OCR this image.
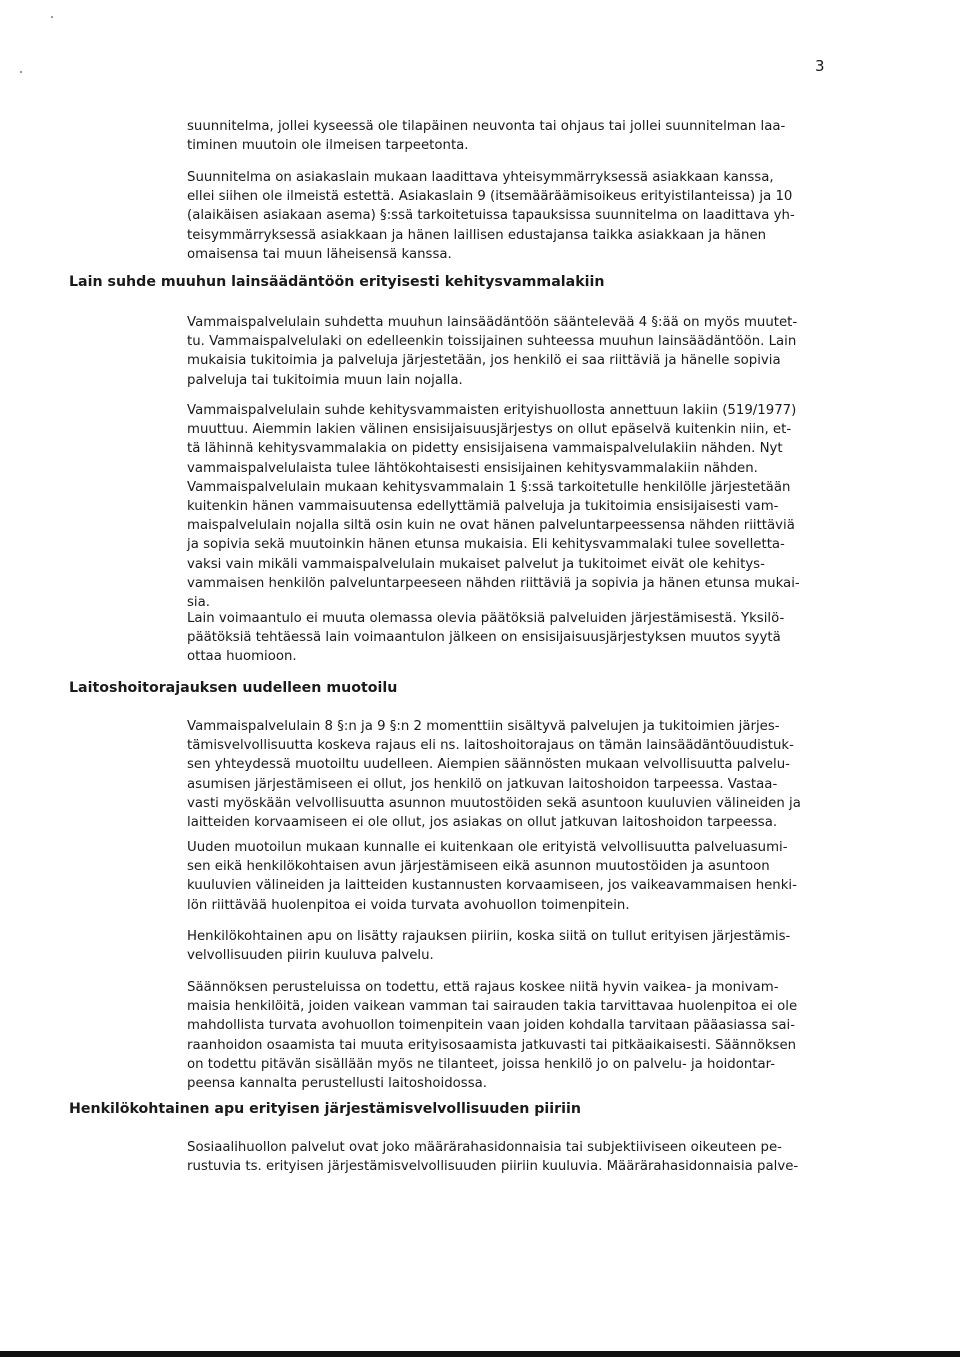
3

suunnitelma, jollei kyseessä ole tilapäinen neuvonta tai ohjaus tai jollei suunnitelman laa-
timinen muutoin ole ilmeisen tarpeetonta.

Suunnitelma on asiakaslain mukaan laadittava yhteisymmärryksessä asiakkaan kanssa,
ellei siihen ole ilmeistä estettä. Asiakaslain 9 (itsemääräämisoikeus erityistilanteissa) ja 10
(alaikäisen asiakaan asema) §:ssä tarkoitetuissa tapauksissa suunnitelma on laadittava yh-
teisymmärryksessä asiakkaan ja hänen laillisen edustajansa taikka asiakkaan ja hänen
omaisensa tai muun läheisensä kanssa.

Lain suhde muuhun lainsäädäntöön erityisesti kehitysvammalakiin

Vammaispalvelulain suhdetta muuhun lainsäädäntöön sääntelevää 4 §:ää on myös muutet-
tu. Vammaispalvelulaki on edelleenkin toissijainen suhteessa muuhun lainsäädäntöön. Lain
mukaisia tukitoimia ja palveluja järjestetään, jos henkilö ei saa riittäviä ja hänelle sopivia
palveluja tai tukitoimia muun lain nojalla.

Vammaispalvelulain suhde kehitysvammaisten erityishuollosta annettuun lakiin (519/1977)
muuttuu. Aiemmin lakien välinen ensisijaisuusjärjestys on ollut epäselvä kuitenkin niin, et-
tä lähinnä kehitysvammalakia on pidetty ensisijaisena vammaispalvelulakiin nähden. Nyt
vammaispalvelulaista tulee lähtökohtaisesti ensisijainen kehitysvammalakiin nähden.
Vammaispalvelulain mukaan kehitysvammalain 1 §:ssä tarkoitetulle henkilölle järjestetään
kuitenkin hänen vammaisuutensa edellyttämiä palveluja ja tukitoimia ensisijaisesti vam-
maispalvelulain nojalla siltä osin kuin ne ovat hänen palveluntarpeessensa nähden riittäviä
ja sopivia sekä muutoinkin hänen etunsa mukaisia. Eli kehitysvammalaki tulee sovelletta-
vaksi vain mikäli vammaispalvelulain mukaiset palvelut ja tukitoimet eivät ole kehitys-
vammaisen henkilön palveluntarpeeseen nähden riittäviä ja sopivia ja hänen etunsa mukai-
sia.

Lain voimaantulo ei muuta olemassa olevia päätöksiä palveluiden järjestämisestä. Yksilö-
päätöksiä tehtäessä lain voimaantulon jälkeen on ensisijaisuusjärjestyksen muutos syytä
ottaa huomioon.

Laitoshoitorajauksen uudelleen muotoilu

Vammaispalvelulain 8 §:n ja 9 §:n 2 momenttiin sisältyvä palvelujen ja tukitoimien järjes-
tämisvelvollisuutta koskeva rajaus eli ns. laitoshoitorajaus on tämän lainsäädäntöuudistuk-
sen yhteydessä muotoiltu uudelleen. Aiempien säännösten mukaan velvollisuutta palvelu-
asumisen järjestämiseen ei ollut, jos henkilö on jatkuvan laitoshoidon tarpeessa. Vastaa-
vasti myöskään velvollisuutta asunnon muutostöiden sekä asuntoon kuuluvien välineiden ja
laitteiden korvaamiseen ei ole ollut, jos asiakas on ollut jatkuvan laitoshoidon tarpeessa.

Uuden muotoilun mukaan kunnalle ei kuitenkaan ole erityistä velvollisuutta palveluasumi-
sen eikä henkilökohtaisen avun järjestämiseen eikä asunnon muutostöiden ja asuntoon
kuuluvien välineiden ja laitteiden kustannusten korvaamiseen, jos vaikeavammaisen henki-
lön riittävää huolenpitoa ei voida turvata avohuollon toimenpitein.

Henkilökohtainen apu on lisätty rajauksen piiriin, koska siitä on tullut erityisen järjestämis-
velvollisuuden piirin kuuluva palvelu.

Säännöksen perusteluissa on todettu, että rajaus koskee niitä hyvin vaikea- ja monivam-
maisia henkilöitä, joiden vaikean vamman tai sairauden takia tarvittavaa huolenpitoa ei ole
mahdollista turvata avohuollon toimenpitein vaan joiden kohdalla tarvitaan pääasiassa sai-
raanhoidon osaamista tai muuta erityisosaamista jatkuvasti tai pitkäaikaisesti. Säännöksen
on todettu pitävän sisällään myös ne tilanteet, joissa henkilö jo on palvelu- ja hoidontar-
peensa kannalta perustellusti laitoshoidossa.

Henkilökohtainen apu erityisen järjestämisvelvollisuuden piiriin

Sosiaalihuollon palvelut ovat joko määrärahasidonnaisia tai subjektiiviseen oikeuteen pe-
rustuvia ts. erityisen järjestämisvelvollisuuden piiriin kuuluvia. Määrärahasidonnaisia palve-
